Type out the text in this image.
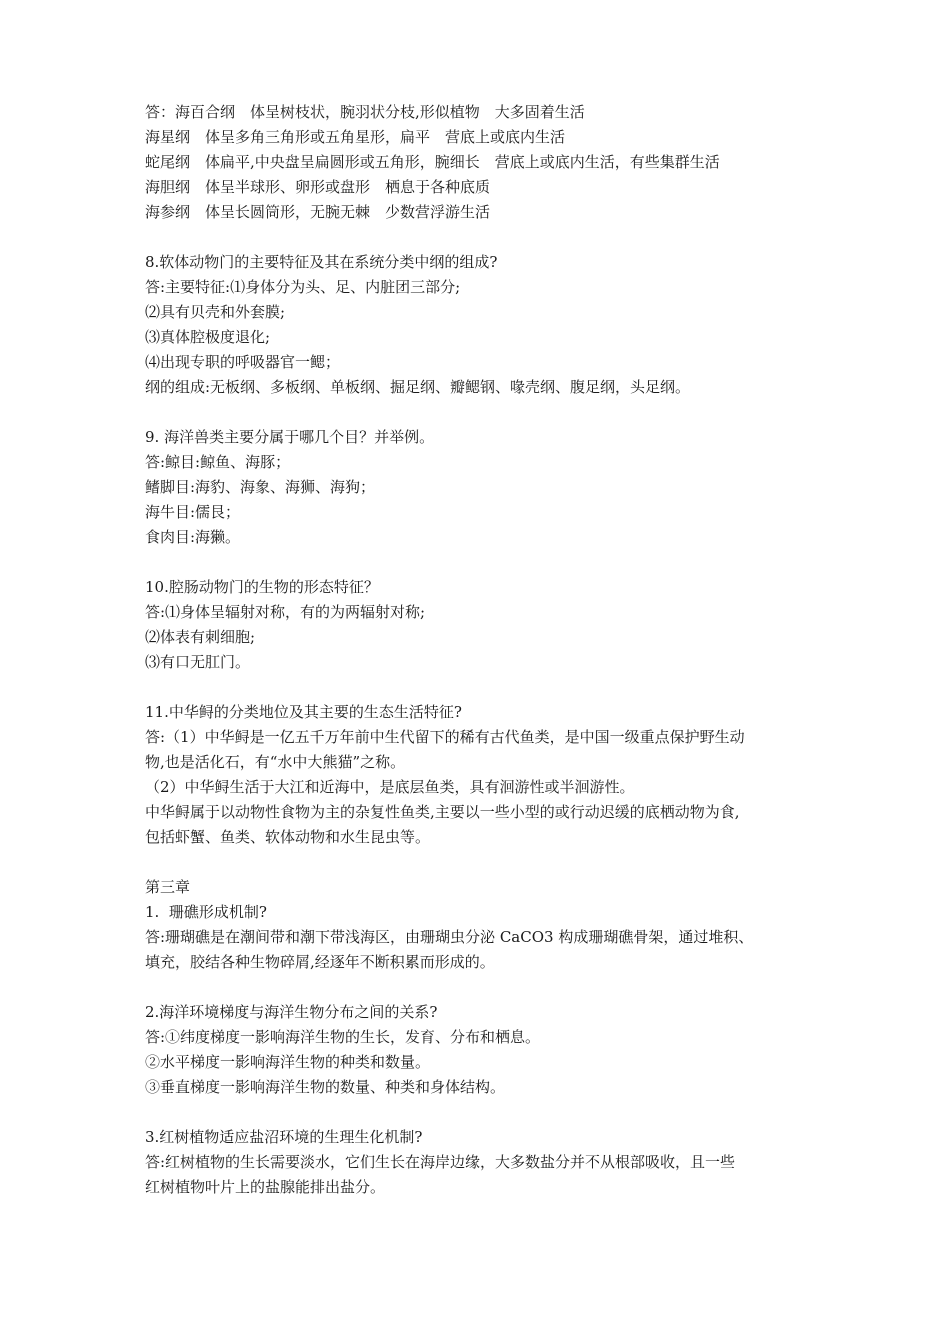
答：海百合纲　体呈树枝状，腕羽状分枝,形似植物　大多固着生活

海星纲　体呈多角三角形或五角星形，扁平　营底上或底内生活

蛇尾纲　体扁平,中央盘呈扁圆形或五角形，腕细长　营底上或底内生活，有些集群生活

海胆纲　体呈半球形、卵形或盘形　栖息于各种底质

海参纲　体呈长圆筒形，无腕无棘　少数营浮游生活

8.软体动物门的主要特征及其在系统分类中纲的组成?

答:主要特征:⑴身体分为头、足、内脏团三部分;

⑵具有贝壳和外套膜;

⑶真体腔极度退化;

⑷出现专职的呼吸器官一鳃；

纲的组成:无板纲、多板纲、单板纲、掘足纲、瓣鳃钢、喙壳纲、腹足纲，头足纲。

9. 海洋兽类主要分属于哪几个目？并举例。

答:鲸目:鲸鱼、海豚；

鳍脚目:海豹、海象、海狮、海狗；

海牛目:儒艮；

食肉目:海獭。

10.腔肠动物门的生物的形态特征？

答:⑴身体呈辐射对称，有的为两辐射对称;

⑵体表有刺细胞;

⑶有口无肛门。

11.中华鲟的分类地位及其主要的生态生活特征?

答:（1）中华鲟是一亿五千万年前中生代留下的稀有古代鱼类，是中国一级重点保护野生动

物,也是活化石，有“水中大熊猫”之称。

（2）中华鲟生活于大江和近海中，是底层鱼类，具有洄游性或半洄游性。

中华鲟属于以动物性食物为主的杂复性鱼类,主要以一些小型的或行动迟缓的底栖动物为食,

包括虾蟹、鱼类、软体动物和水生昆虫等。

第三章

1.  珊礁形成机制?

答:珊瑚礁是在潮间带和潮下带浅海区，由珊瑚虫分泌 CaCO3 构成珊瑚礁骨架，通过堆积、

填充，胶结各种生物碎屑,经逐年不断积累而形成的。

2.海洋环境梯度与海洋生物分布之间的关系?

答:①纬度梯度一影响海洋生物的生长，发育、分布和栖息。

②水平梯度一影响海洋生物的种类和数量。

③垂直梯度一影响海洋生物的数量、种类和身体结构。

3.红树植物适应盐沼环境的生理生化机制?

答:红树植物的生长需要淡水，它们生长在海岸边缘，大多数盐分并不从根部吸收，且一些

红树植物叶片上的盐腺能排出盐分。
